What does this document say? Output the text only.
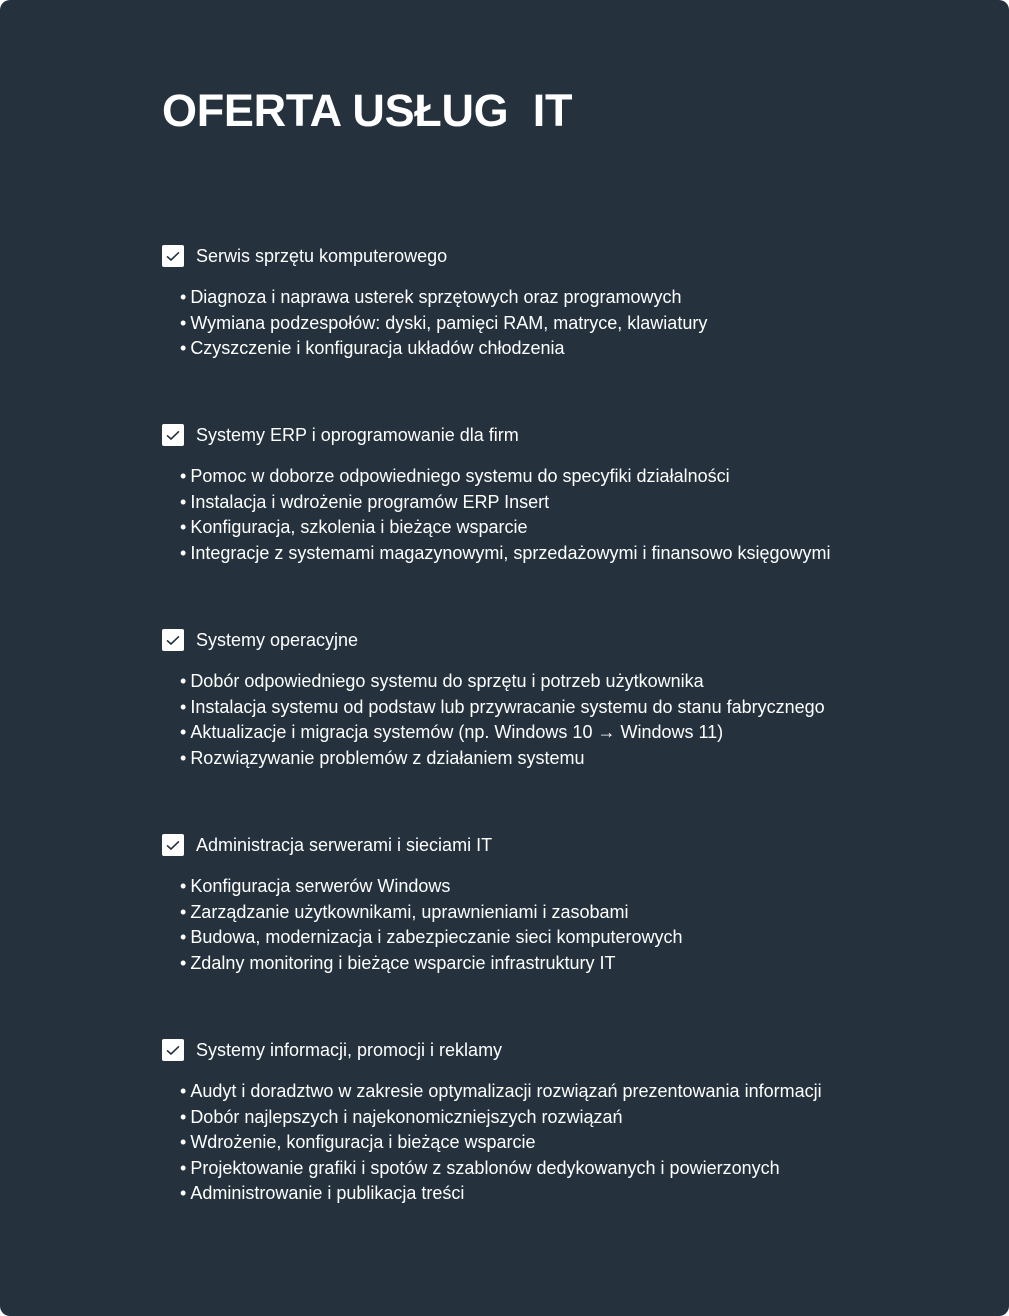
OFERTA USŁUG  IT
Serwis sprzętu komputerowego
• Diagnoza i naprawa usterek sprzętowych oraz programowych
• Wymiana podzespołów: dyski, pamięci RAM, matryce, klawiatury
• Czyszczenie i konfiguracja układów chłodzenia
Systemy ERP i oprogramowanie dla firm
• Pomoc w doborze odpowiedniego systemu do specyfiki działalności
• Instalacja i wdrożenie programów ERP Insert
• Konfiguracja, szkolenia i bieżące wsparcie
• Integracje z systemami magazynowymi, sprzedażowymi i finansowo księgowymi
Systemy operacyjne
• Dobór odpowiedniego systemu do sprzętu i potrzeb użytkownika
• Instalacja systemu od podstaw lub przywracanie systemu do stanu fabrycznego
• Aktualizacje i migracja systemów (np. Windows 10 → Windows 11)
• Rozwiązywanie problemów z działaniem systemu
Administracja serwerami i sieciami IT
• Konfiguracja serwerów Windows
• Zarządzanie użytkownikami, uprawnieniami i zasobami
• Budowa, modernizacja i zabezpieczanie sieci komputerowych
• Zdalny monitoring i bieżące wsparcie infrastruktury IT
Systemy informacji, promocji i reklamy
• Audyt i doradztwo w zakresie optymalizacji rozwiązań prezentowania informacji
• Dobór najlepszych i najekonomiczniejszych rozwiązań
• Wdrożenie, konfiguracja i bieżące wsparcie
• Projektowanie grafiki i spotów z szablonów dedykowanych i powierzonych
• Administrowanie i publikacja treści
